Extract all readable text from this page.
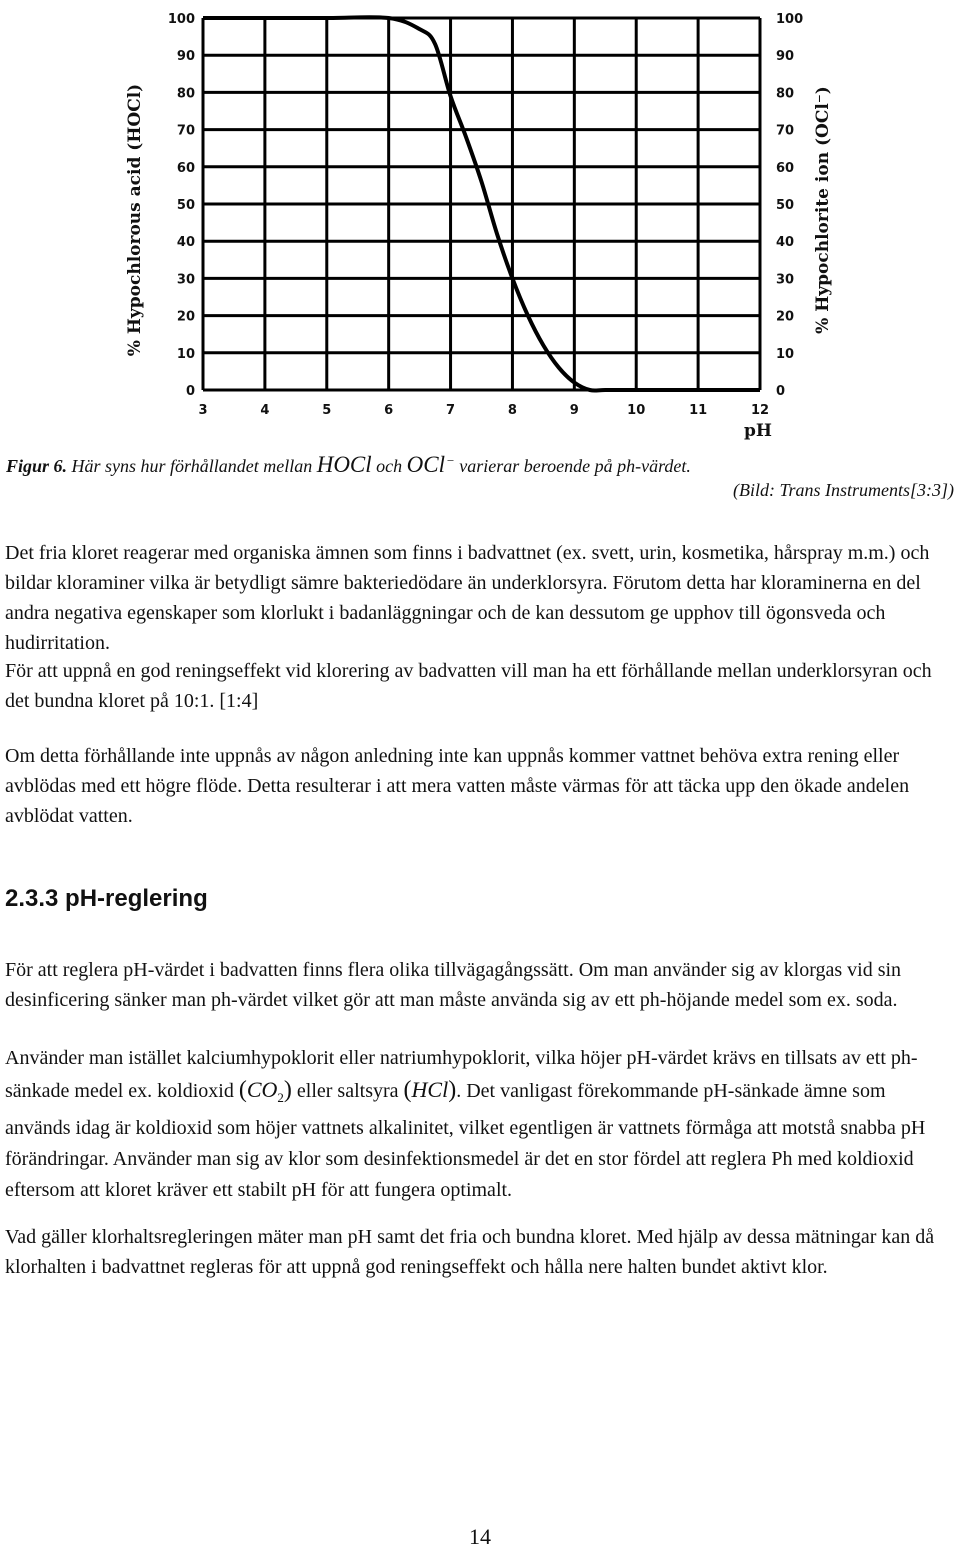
3	4	5	6	7	8	9	10	11	12
0	0
10	10
20	20
30	30
40	40
50	50
60	60
70	70
80	80
90	90
100	100
% Hypochlorous acid (HOCl)	% Hypochlorite ion (OCl⁻)
pH
Figur 6. Här syns hur förhållandet mellan HOCl och OCl− varierar beroende på ph-värdet.
(Bild: Trans Instruments[3:3])
Det fria kloret reagerar med organiska ämnen som finns i badvattnet (ex. svett, urin, kosmetika, hårspray m.m.) och bildar kloraminer vilka är betydligt sämre bakteriedödare än underklorsyra. Förutom detta har kloraminerna en del andra negativa egenskaper som klorlukt i badanläggningar och de kan dessutom ge upphov till ögonsveda och hudirritation.
För att uppnå en god reningseffekt vid klorering av badvatten vill man ha ett förhållande mellan underklorsyran och det bundna kloret på 10:1. [1:4]
Om detta förhållande inte uppnås av någon anledning inte kan uppnås kommer vattnet behöva extra rening eller avblödas med ett högre flöde. Detta resulterar i att mera vatten måste värmas för att täcka upp den ökade andelen avblödat vatten.
2.3.3 pH-reglering
För att reglera pH-värdet i badvatten finns flera olika tillvägagångssätt. Om man använder sig av klorgas vid sin desinficering sänker man ph-värdet vilket gör att man måste använda sig av ett ph-höjande medel som ex. soda.
Använder man istället kalciumhypoklorit eller natriumhypoklorit, vilka höjer pH-värdet krävs en tillsats av ett ph-sänkade medel ex. koldioxid $(CO_2)$ eller saltsyra (HCl). Det vanligast förekommande pH-sänkade ämne som används idag är koldioxid som höjer vattnets alkalinitet, vilket egentligen är vattnets förmåga att motstå snabba pH förändringar. Använder man sig av klor som desinfektionsmedel är det en stor fördel att reglera Ph med koldioxid eftersom att kloret kräver ett stabilt pH för att fungera optimalt.
Vad gäller klorhaltsregleringen mäter man pH samt det fria och bundna kloret. Med hjälp av dessa mätningar kan då klorhalten i badvattnet regleras för att uppnå god reningseffekt och hålla nere halten bundet aktivt klor.
14
